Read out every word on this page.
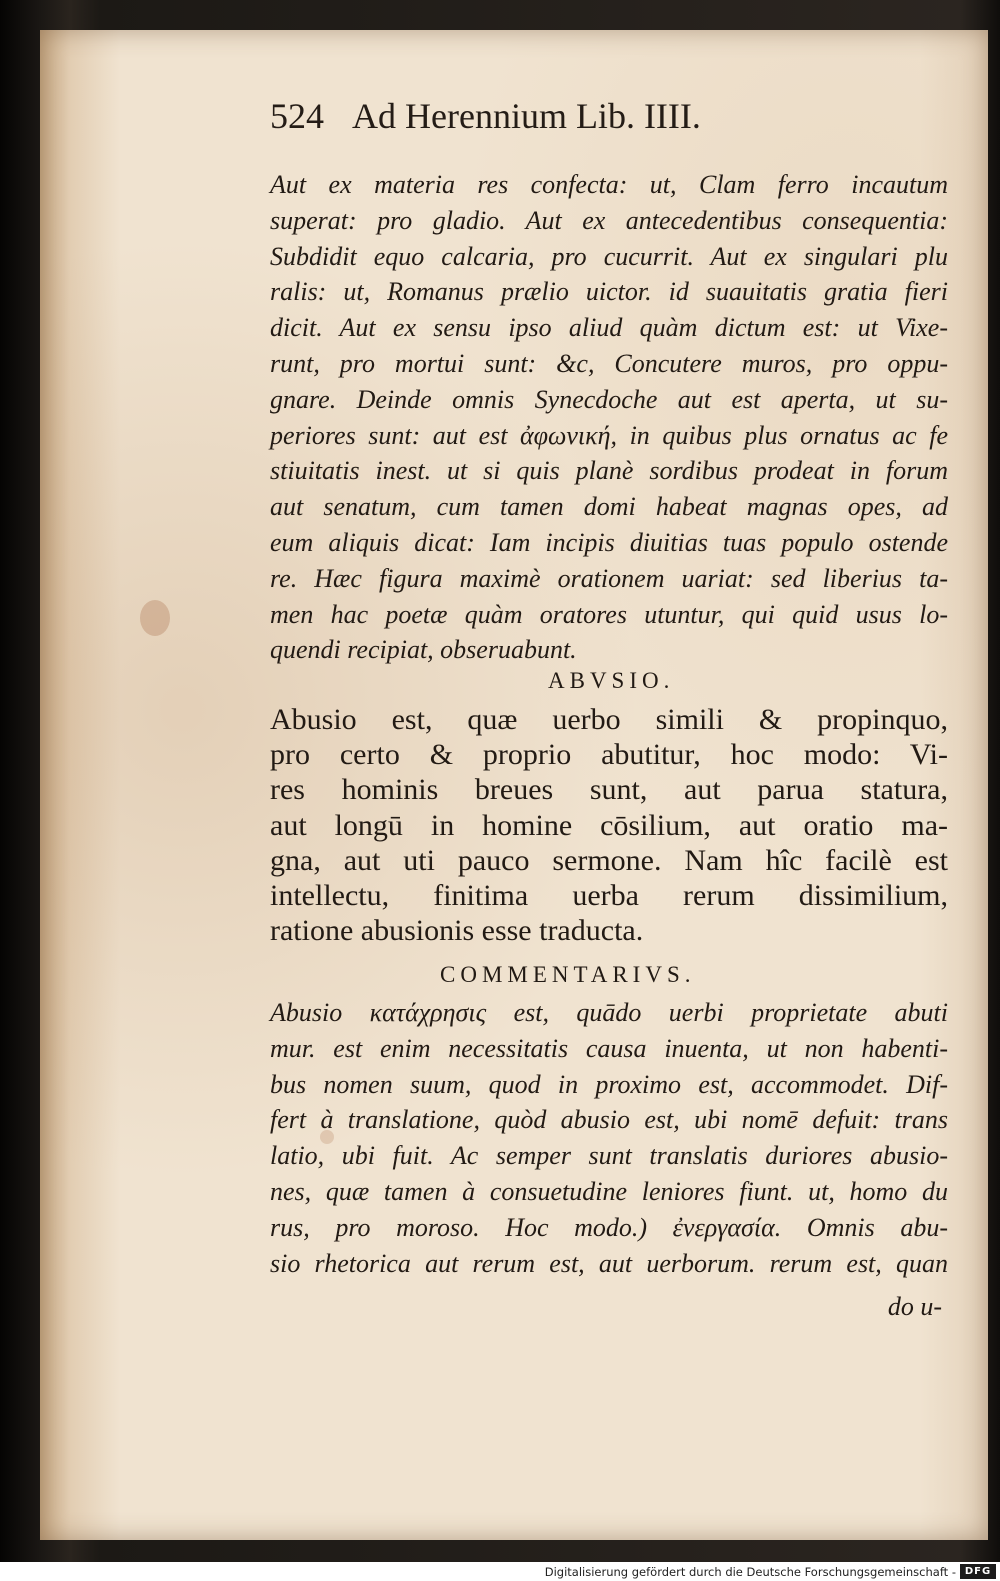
524 Ad Herennium Lib. IIII.
Aut ex materia res confecta: ut, Clam ferro incautum
superat: pro gladio. Aut ex antecedentibus consequentia:
Subdidit equo calcaria, pro cucurrit. Aut ex singulari plu
ralis: ut, Romanus prælio uictor. id suauitatis gratia fieri
dicit. Aut ex sensu ipso aliud quàm dictum est: ut Vixe-
runt, pro mortui sunt: &c, Concutere muros, pro oppu-
gnare. Deinde omnis Synecdoche aut est aperta, ut su-
periores sunt: aut est ἀφωνική, in quibus plus ornatus ac fe
stiuitatis inest. ut si quis planè sordibus prodeat in forum
aut senatum, cum tamen domi habeat magnas opes, ad
eum aliquis dicat: Iam incipis diuitias tuas populo ostende
re. Hæc figura maximè orationem uariat: sed liberius ta-
men hac poetæ quàm oratores utuntur, qui quid usus lo-
quendi recipiat, obseruabunt.
ABVSIO.
Abusio est, quæ uerbo simili & propinquo,
pro certo & proprio abutitur, hoc modo: Vi-
res hominis breues sunt, aut parua statura,
aut longū in homine cōsilium, aut oratio ma-
gna, aut uti pauco sermone. Nam hîc facilè est
intellectu, finitima uerba rerum dissimilium,
ratione abusionis esse traducta.
COMMENTARIVS.
Abusio κατάχρησις est, quādo uerbi proprietate abuti
mur. est enim necessitatis causa inuenta, ut non habenti-
bus nomen suum, quod in proximo est, accommodet. Dif-
fert à translatione, quòd abusio est, ubi nomē defuit: trans
latio, ubi fuit. Ac semper sunt translatis duriores abusio-
nes, quæ tamen à consuetudine leniores fiunt. ut, homo du
rus, pro moroso. Hoc modo.) ἐνεργασία. Omnis abu-
sio rhetorica aut rerum est, aut uerborum. rerum est, quan
do u-
Digitalisierung gefördert durch die Deutsche Forschungsgemeinschaft - DFG
